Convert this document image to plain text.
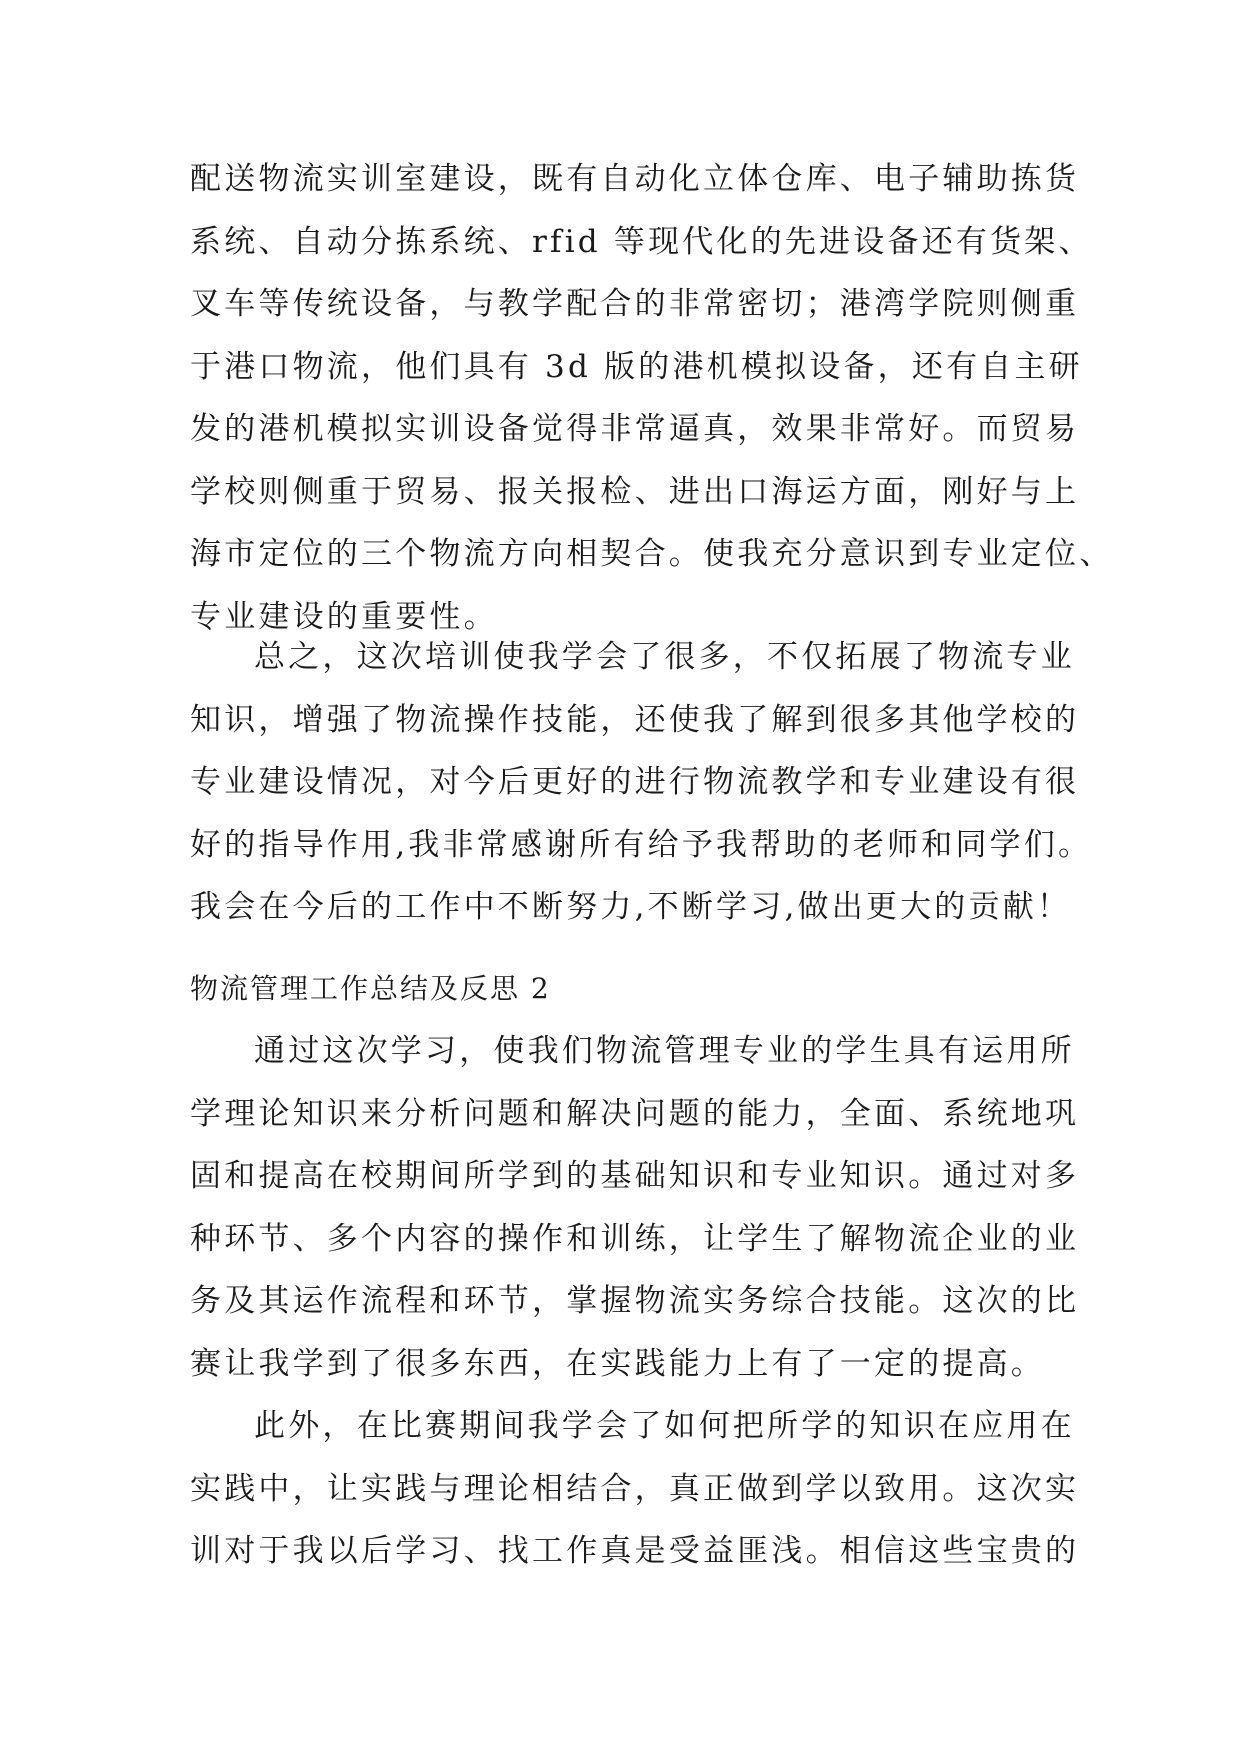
配送物流实训室建设，既有自动化立体仓库、电子辅助拣货
系统、自动分拣系统、rfid 等现代化的先进设备还有货架、
叉车等传统设备，与教学配合的非常密切；港湾学院则侧重
于港口物流，他们具有 3d 版的港机模拟设备，还有自主研
发的港机模拟实训设备觉得非常逼真，效果非常好。而贸易
学校则侧重于贸易、报关报检、进出口海运方面，刚好与上
海市定位的三个物流方向相契合。使我充分意识到专业定位、
专业建设的重要性。
总之，这次培训使我学会了很多，不仅拓展了物流专业
知识，增强了物流操作技能，还使我了解到很多其他学校的
专业建设情况，对今后更好的进行物流教学和专业建设有很
好的指导作用,我非常感谢所有给予我帮助的老师和同学们。
我会在今后的工作中不断努力,不断学习,做出更大的贡献！
物流管理工作总结及反思 2
通过这次学习，使我们物流管理专业的学生具有运用所
学理论知识来分析问题和解决问题的能力，全面、系统地巩
固和提高在校期间所学到的基础知识和专业知识。通过对多
种环节、多个内容的操作和训练，让学生了解物流企业的业
务及其运作流程和环节，掌握物流实务综合技能。这次的比
赛让我学到了很多东西，在实践能力上有了一定的提高。
此外，在比赛期间我学会了如何把所学的知识在应用在
实践中，让实践与理论相结合，真正做到学以致用。这次实
训对于我以后学习、找工作真是受益匪浅。相信这些宝贵的
